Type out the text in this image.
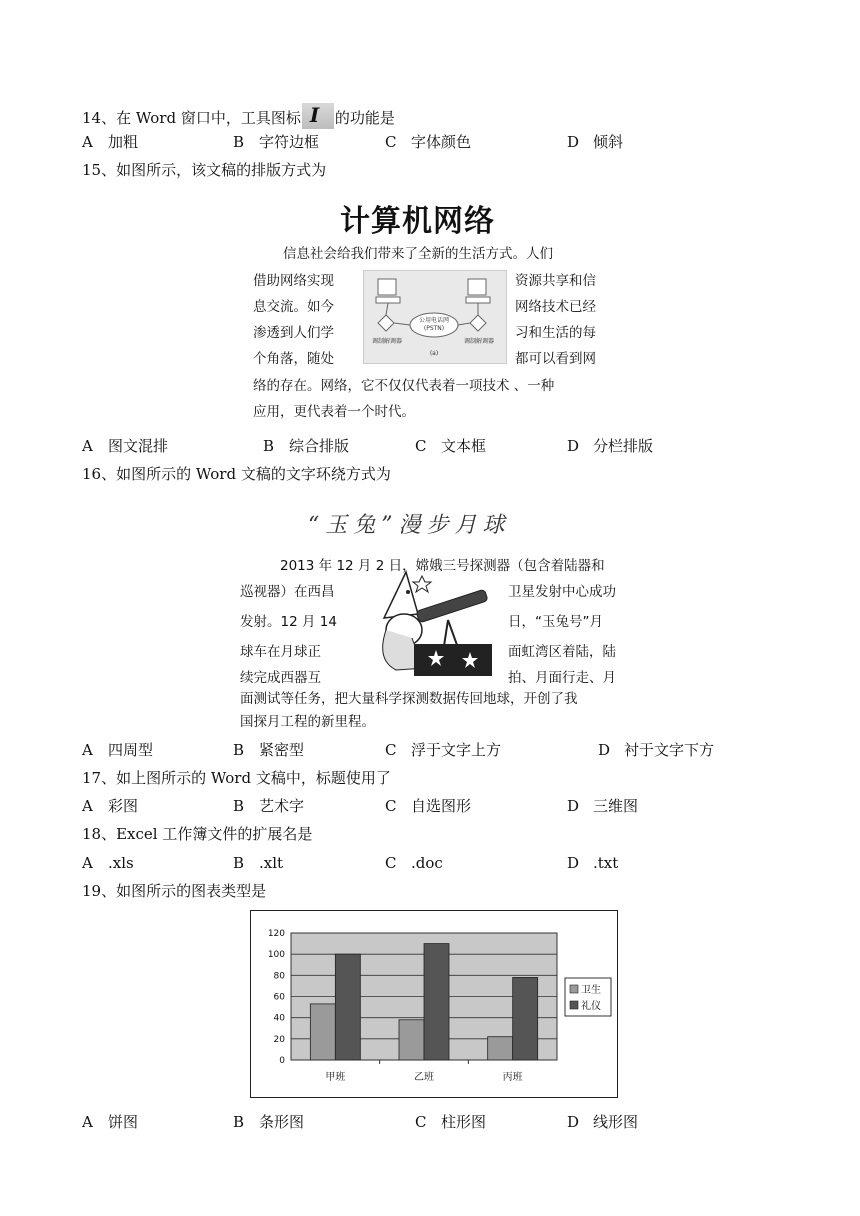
14、在 Word 窗口中，工具图标 I 的功能是
A 加粗	B 字符边框	C 字体颜色	D 倾斜
15、如图所示，该文稿的排版方式为
计算机网络
信息社会给我们带来了全新的生活方式。人们
借助网络实现
息交流。如今
渗透到人们学
个角落，随处
资源共享和信
网络技术已经
习和生活的每
都可以看到网
络的存在。网络，它不仅仅代表着一项技术 、一种
应用，更代表着一个时代。
公用电话网
(PSTN)
调制解调器	调制解调器
(a)
A 图文混排	B 综合排版	C 文本框	D 分栏排版
16、如图所示的 Word 文稿的文字环绕方式为
“玉兔”漫步月球
2013 年 12 月 2 日，嫦娥三号探测器（包含着陆器和
巡视器）在西昌
发射。12 月 14
球车在月球正
续完成西器互
卫星发射中心成功
日，“玉兔号”月
面虹湾区着陆，陆
拍、月面行走、月
面测试等任务，把大量科学探测数据传回地球，开创了我
国探月工程的新里程。
A 四周型	B 紧密型	C 浮于文字上方	D 衬于文字下方
17、如上图所示的 Word 文稿中，标题使用了
A 彩图	B 艺术字	C 自选图形	D 三维图
18、Excel 工作簿文件的扩展名是
A .xls	B .xlt	C .doc	D .txt
19、如图所示的图表类型是
0
20
40
60
80
100
120
甲班	乙班	丙班
卫生
礼仪
A 饼图	B 条形图	C 柱形图	D 线形图
